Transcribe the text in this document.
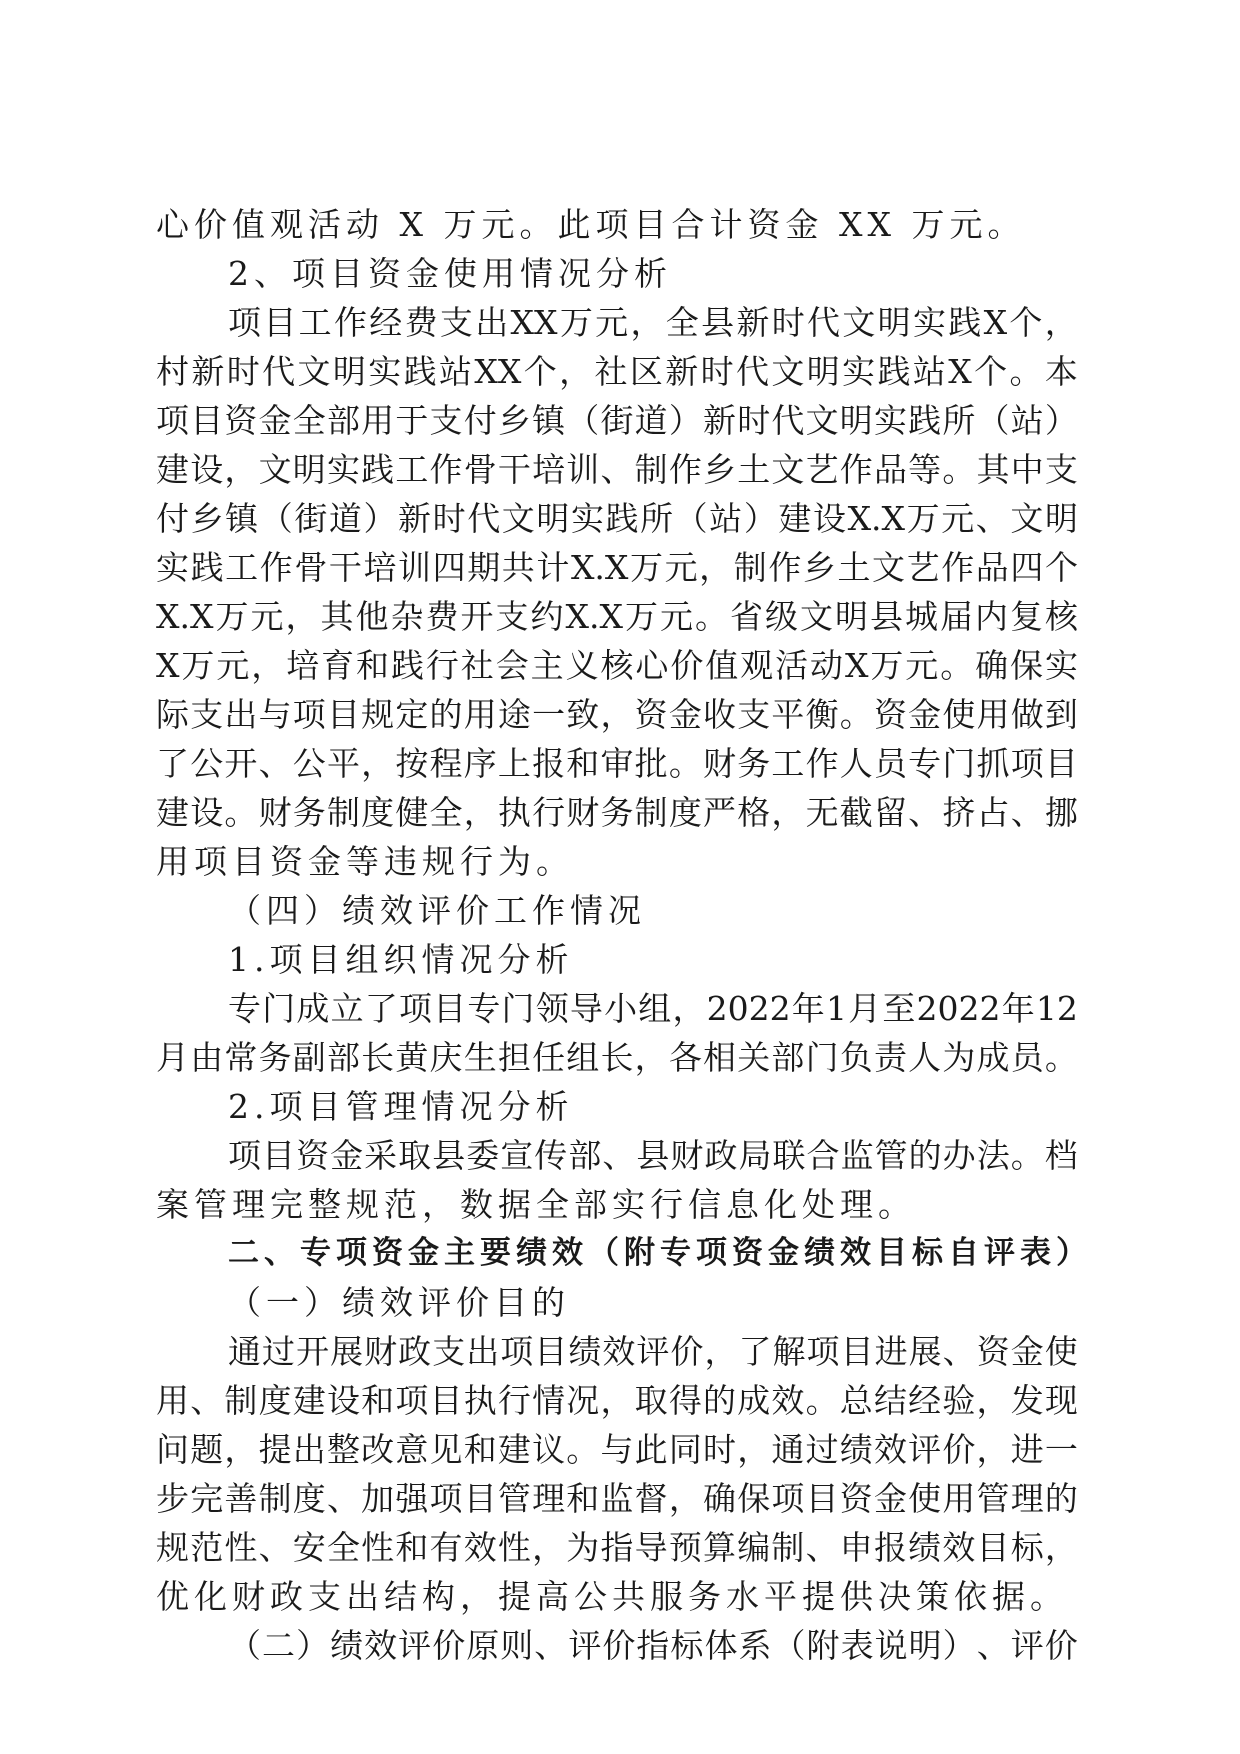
心价值观活动 X 万元。此项目合计资金 XX 万元。
2、项目资金使用情况分析
项 目 工 作 经 费 支 出 XX 万 元 ， 全 县 新 时 代 文 明 实 践 X 个 ，
村 新 时 代 文 明 实 践 站 XX 个 ， 社 区 新 时 代 文 明 实 践 站 X 个 。 本
项 目 资 金 全 部 用 于 支 付 乡 镇 （ 街 道 ） 新 时 代 文 明 实 践 所 （ 站 ）
建 设 ， 文 明 实 践 工 作 骨 干 培 训 、 制 作 乡 土 文 艺 作 品 等 。 其 中 支
付 乡 镇 （ 街 道 ） 新 时 代 文 明 实 践 所 （ 站 ） 建 设 X.X 万 元 、 文 明
实 践 工 作 骨 干 培 训 四 期 共 计 X.X 万 元 ， 制 作 乡 土 文 艺 作 品 四 个
X.X 万 元 ， 其 他 杂 费 开 支 约 X.X 万 元 。 省 级 文 明 县 城 届 内 复 核
X 万 元 ， 培 育 和 践 行 社 会 主 义 核 心 价 值 观 活 动 X 万 元 。 确 保 实
际 支 出 与 项 目 规 定 的 用 途 一 致 ， 资 金 收 支 平 衡 。 资 金 使 用 做 到
了 公 开 、 公 平 ， 按 程 序 上 报 和 审 批 。 财 务 工 作 人 员 专 门 抓 项 目
建 设 。 财 务 制 度 健 全 ， 执 行 财 务 制 度 严 格 ， 无 截 留 、 挤 占 、 挪
用项目资金等违规行为。
（四）绩效评价工作情况
1.项目组织情况分析
专 门 成 立 了 项 目 专 门 领 导 小 组 ， 2022 年 1 月 至 2022 年 12
月 由 常 务 副 部 长 黄 庆 生 担 任 组 长 ， 各 相 关 部 门 负 责 人 为 成 员 。
2.项目管理情况分析
项 目 资 金 采 取 县 委 宣 传 部 、 县 财 政 局 联 合 监 管 的 办 法 。 档
案管理完整规范，数据全部实行信息化处理。
二、专项资金主要绩效（附专项资金绩效目标自评表）
（一）绩效评价目的
通 过 开 展 财 政 支 出 项 目 绩 效 评 价 ， 了 解 项 目 进 展 、 资 金 使
用 、 制 度 建 设 和 项 目 执 行 情 况 ， 取 得 的 成 效 。 总 结 经 验 ， 发 现
问 题 ， 提 出 整 改 意 见 和 建 议 。 与 此 同 时 ， 通 过 绩 效 评 价 ， 进 一
步 完 善 制 度 、 加 强 项 目 管 理 和 监 督 ， 确 保 项 目 资 金 使 用 管 理 的
规 范 性 、 安 全 性 和 有 效 性 ， 为 指 导 预 算 编 制 、 申 报 绩 效 目 标 ，
优化财政支出结构，提高公共服务水平提供决策依据。
（ 二 ） 绩 效 评 价 原 则 、 评 价 指 标 体 系 （ 附 表 说 明 ） 、 评 价
